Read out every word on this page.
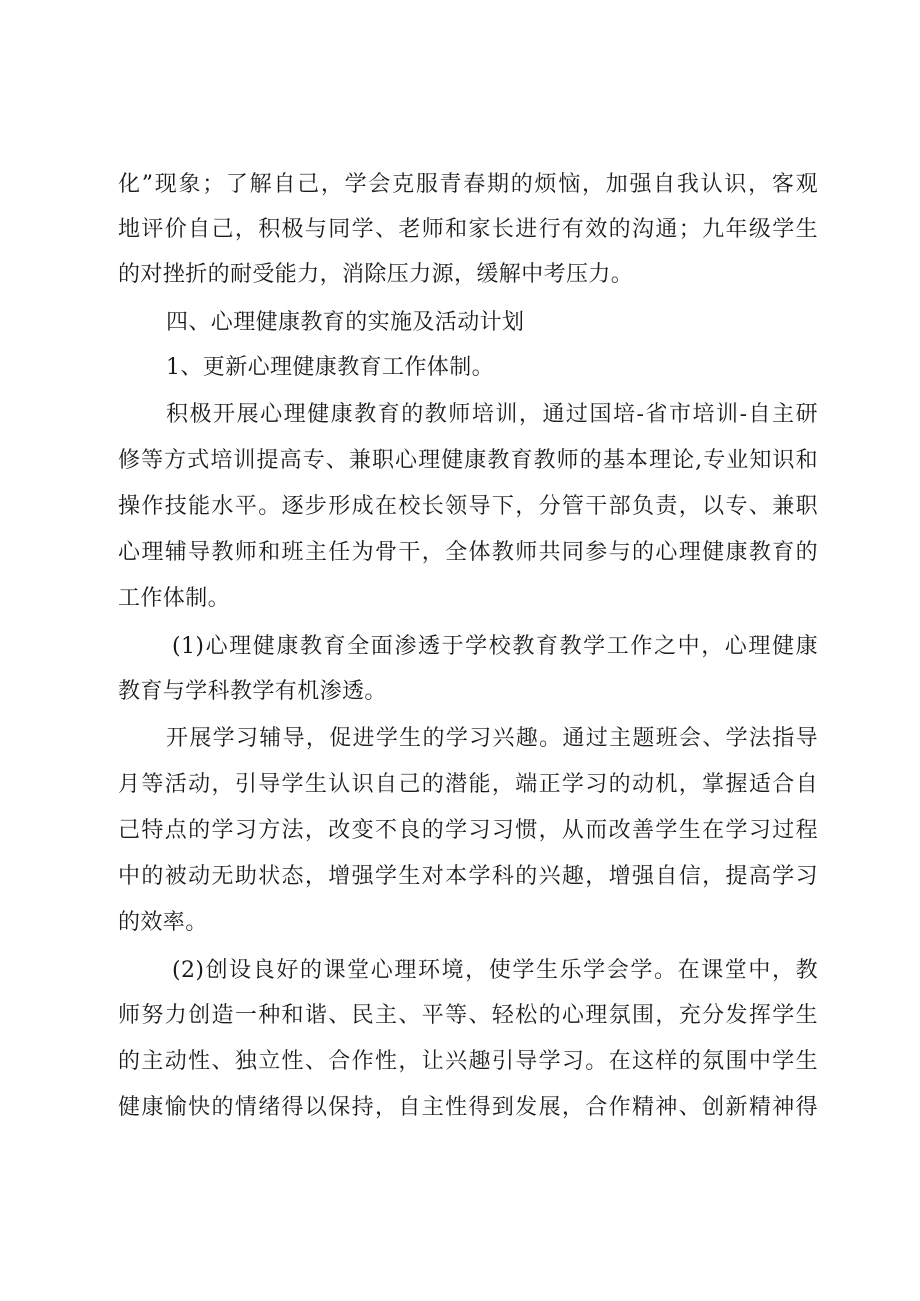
化”现象；了解自己，学会克服青春期的烦恼，加强自我认识，客观
地评价自己，积极与同学、老师和家长进行有效的沟通；九年级学生
的对挫折的耐受能力，消除压力源，缓解中考压力。
四、心理健康教育的实施及活动计划
1、更新心理健康教育工作体制。
积极开展心理健康教育的教师培训，通过国培-省市培训-自主研
修等方式培训提高专、兼职心理健康教育教师的基本理论,专业知识和
操作技能水平。逐步形成在校长领导下，分管干部负责，以专、兼职
心理辅导教师和班主任为骨干，全体教师共同参与的心理健康教育的
工作体制。
(1)心理健康教育全面渗透于学校教育教学工作之中，心理健康
教育与学科教学有机渗透。
开展学习辅导，促进学生的学习兴趣。通过主题班会、学法指导
月等活动，引导学生认识自己的潜能，端正学习的动机，掌握适合自
己特点的学习方法，改变不良的学习习惯，从而改善学生在学习过程
中的被动无助状态，增强学生对本学科的兴趣，增强自信，提高学习
的效率。
(2)创设良好的课堂心理环境，使学生乐学会学。在课堂中，教
师努力创造一种和谐、民主、平等、轻松的心理氛围，充分发挥学生
的主动性、独立性、合作性，让兴趣引导学习。在这样的氛围中学生
健康愉快的情绪得以保持，自主性得到发展，合作精神、创新精神得
